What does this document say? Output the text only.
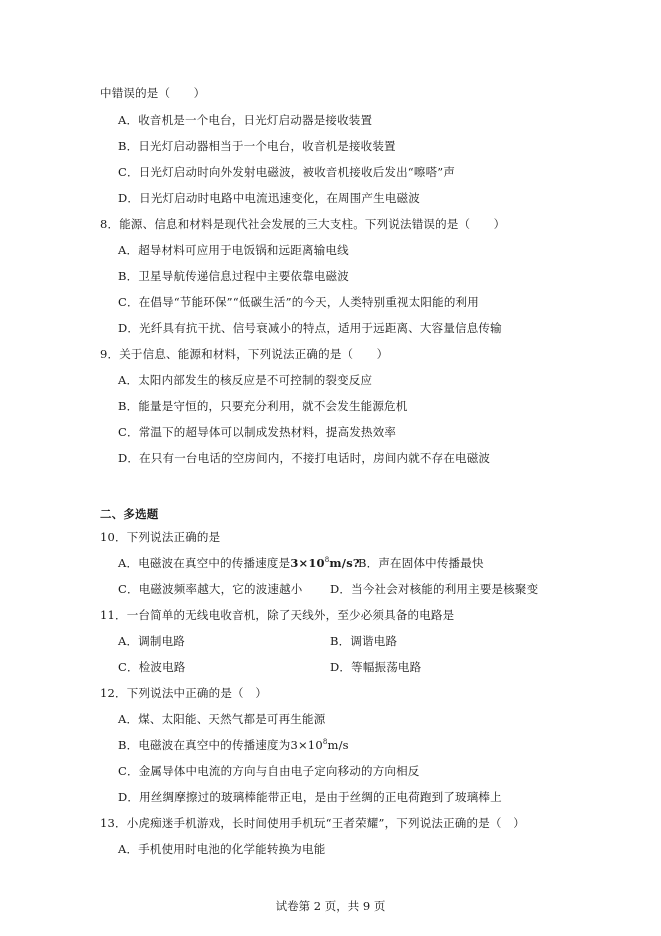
中错误的是（　　）
A．收音机是一个电台，日光灯启动器是接收装置
B．日光灯启动器相当于一个电台，收音机是接收装置
C．日光灯启动时向外发射电磁波，被收音机接收后发出“嚓嗒”声
D．日光灯启动时电路中电流迅速变化，在周围产生电磁波
8．能源、信息和材料是现代社会发展的三大支柱。下列说法错误的是（　　）
A．超导材料可应用于电饭锅和远距离输电线
B．卫星导航传递信息过程中主要依靠电磁波
C．在倡导“节能环保”“低碳生活”的今天，人类特别重视太阳能的利用
D．光纤具有抗干扰、信号衰减小的特点，适用于远距离、大容量信息传输
9．关于信息、能源和材料，下列说法正确的是（　　）
A．太阳内部发生的核反应是不可控制的裂变反应
B．能量是守恒的，只要充分利用，就不会发生能源危机
C．常温下的超导体可以制成发热材料，提高发热效率
D．在只有一台电话的空房间内，不接打电话时，房间内就不存在电磁波
二、多选题
10．下列说法正确的是
A．电磁波在真空中的传播速度是$3\times 10^8m/s$?
B．声在固体中传播最快
C．电磁波频率越大，它的波速越小 D．当今社会对核能的利用主要是核聚变
11．一台简单的无线电收音机，除了天线外，至少必须具备的电路是
A．调制电路	B．调谐电路
C．检波电路	D．等幅振荡电路
12．下列说法中正确的是（　）
A．煤、太阳能、天然气都是可再生能源
B．电磁波在真空中的传播速度为$3\times 10^8m/s$
C．金属导体中电流的方向与自由电子定向移动的方向相反
D．用丝绸摩擦过的玻璃棒能带正电，是由于丝绸的正电荷跑到了玻璃棒上
13．小虎痴迷手机游戏，长时间使用手机玩“王者荣耀”，下列说法正确的是（　）
A．手机使用时电池的化学能转换为电能
试卷第 2 页，共 9 页
